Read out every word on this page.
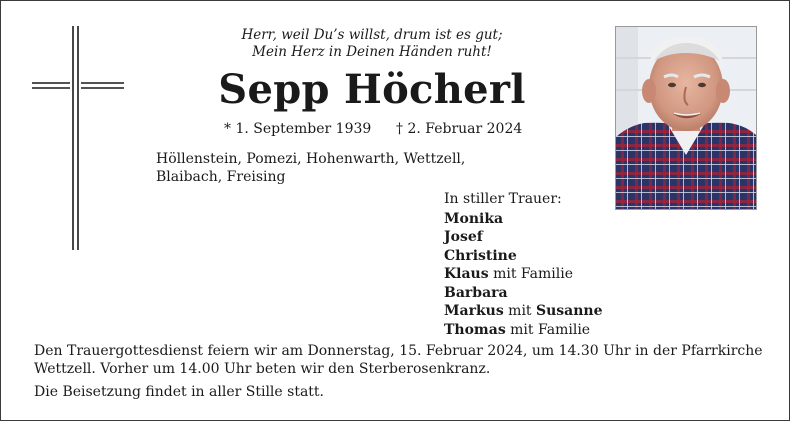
Herr, weil Du’s willst, drum ist es gut;
Mein Herz in Deinen Händen ruht!
Sepp Höcherl
* 1. September 1939 † 2. Februar 2024
Höllenstein, Pomezi, Hohenwarth, Wettzell,
Blaibach, Freising
In stiller Trauer:
Monika
Josef
Christine
Klaus mit Familie
Barbara
Markus mit Susanne
Thomas mit Familie

Den Trauergottesdienst feiern wir am Donnerstag, 15. Februar 2024, um 14.30 Uhr in der Pfarrkirche Wettzell. Vorher um 14.00 Uhr beten wir den Sterberosenkranz.

Die Beisetzung findet in aller Stille statt.
